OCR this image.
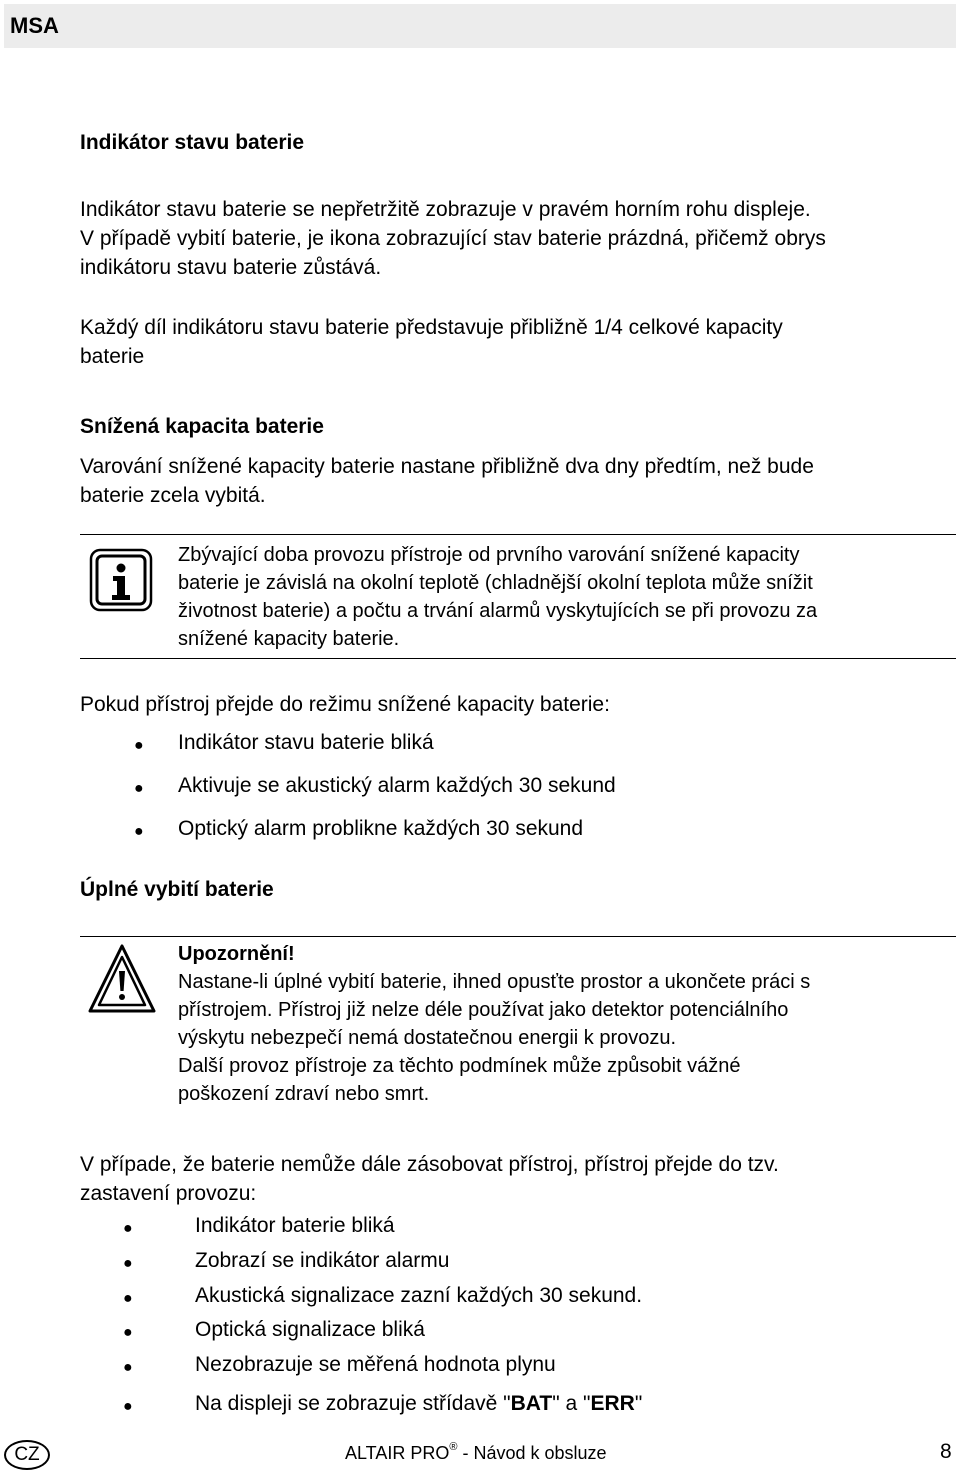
MSA
Indikátor stavu baterie
Indikátor stavu baterie se nepřetržitě zobrazuje v pravém horním rohu displeje.
V případě vybití baterie, je ikona zobrazující stav baterie prázdná, přičemž obrys
indikátoru stavu baterie zůstává.
Každý díl indikátoru stavu baterie představuje přibližně 1/4 celkové kapacity
baterie
Snížená kapacita baterie
Varování snížené kapacity baterie nastane přibližně dva dny předtím, než bude
baterie zcela vybitá.
Zbývající doba provozu přístroje od prvního varování snížené kapacity
baterie je závislá na okolní teplotě (chladnější okolní teplota může snížit
životnost baterie) a počtu a trvání alarmů vyskytujících se při provozu za
snížené kapacity baterie.
Pokud přístroj přejde do režimu snížené kapacity baterie:
● Indikátor stavu baterie bliká
● Aktivuje se akustický alarm každých 30 sekund
● Optický alarm problikne každých 30 sekund
Úplné vybití baterie
Upozornění!
Nastane-li úplné vybití baterie, ihned opusťte prostor a ukončete práci s
přístrojem. Přístroj již nelze déle používat jako detektor potenciálního
výskytu nebezpečí nemá dostatečnou energii k provozu.
Další provoz přístroje za těchto podmínek může způsobit vážné
poškození zdraví nebo smrt.
V případe, že baterie nemůže dále zásobovat přístroj, přístroj přejde do tzv.
zastavení provozu:
●	Indikátor baterie bliká
●	Zobrazí se indikátor alarmu
●	Akustická signalizace zazní každých 30 sekund.
●	Optická signalizace bliká
●	Nezobrazuje se měřená hodnota plynu
●	Na displeji se zobrazuje střídavě "BAT" a "ERR"
CZ	ALTAIR PRO® - Návod k obsluze	8
